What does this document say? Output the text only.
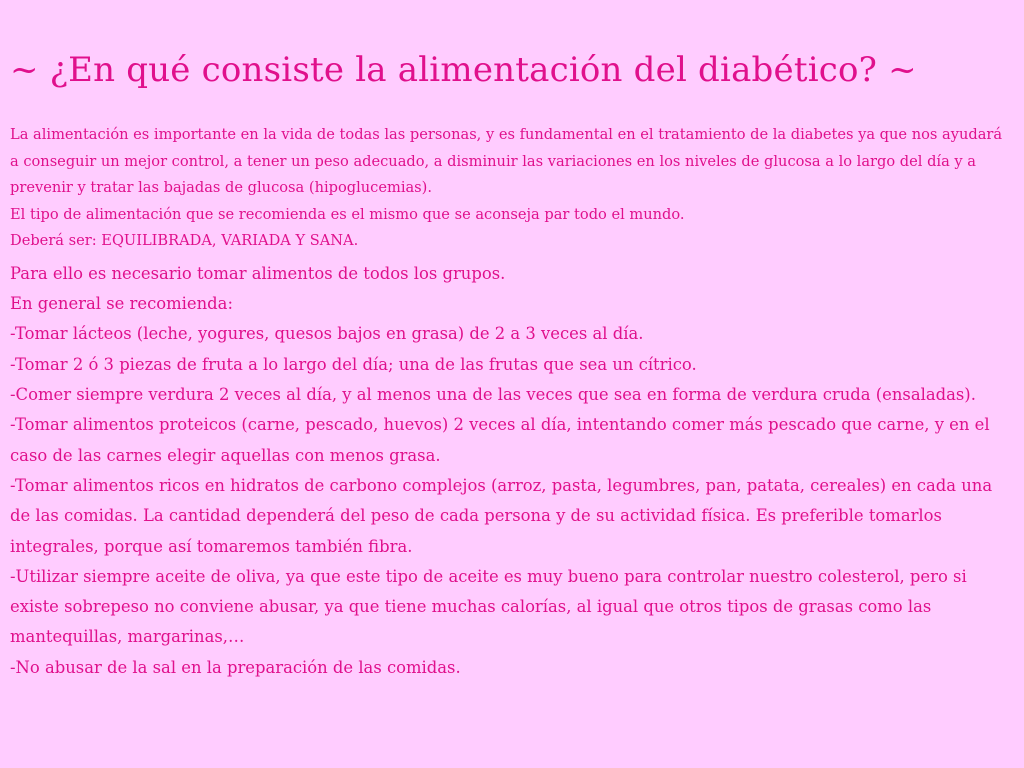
~ ¿En qué consiste la alimentación del diabético? ~

La alimentación es importante en la vida de todas las personas, y es fundamental en el tratamiento de la diabetes ya que nos ayudará a conseguir un mejor control, a tener un peso adecuado, a disminuir las variaciones en los niveles de glucosa a lo largo del día y a prevenir y tratar las bajadas de glucosa (hipoglucemias).

El tipo de alimentación que se recomienda es el mismo que se aconseja par todo el mundo.

Deberá ser: EQUILIBRADA, VARIADA Y SANA.

Para ello es necesario tomar alimentos de todos los grupos.

En general se recomienda:

-Tomar lácteos (leche, yogures, quesos bajos en grasa) de 2 a 3 veces al día.

-Tomar 2 ó 3 piezas de fruta a lo largo del día; una de las frutas que sea un cítrico.

-Comer siempre verdura 2 veces al día, y al menos una de las veces que sea en forma de verdura cruda (ensaladas).

-Tomar alimentos proteicos (carne, pescado, huevos) 2 veces al día, intentando comer más pescado que carne, y en el caso de las carnes elegir aquellas con menos grasa.

-Tomar alimentos ricos en hidratos de carbono complejos (arroz, pasta, legumbres, pan, patata, cereales) en cada una de las comidas. La cantidad dependerá del peso de cada persona y de su actividad física. Es preferible tomarlos integrales, porque así tomaremos también fibra.

-Utilizar siempre aceite de oliva, ya que este tipo de aceite es muy bueno para controlar nuestro colesterol, pero si existe sobrepeso no conviene abusar, ya que tiene muchas calorías, al igual que otros tipos de grasas como las mantequillas, margarinas,…

-No abusar de la sal en la preparación de las comidas.
